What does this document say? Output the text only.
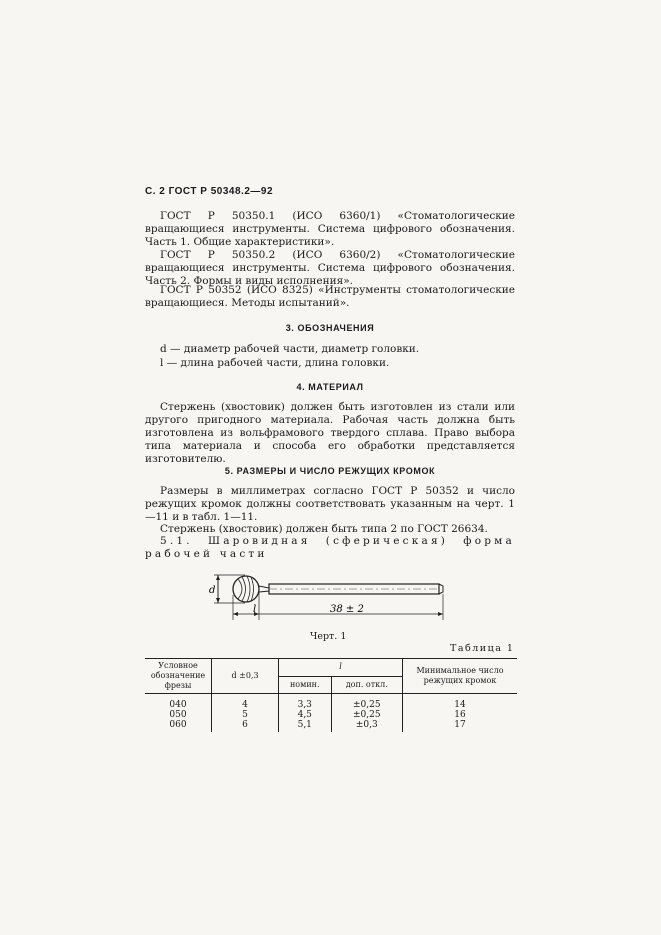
С. 2 ГОСТ Р 50348.2—92

ГОСТ Р 50350.1 (ИСО 6360/1) «Стоматологические вращающиеся инструменты. Система цифрового обозначения. Часть 1. Общие характеристики».

ГОСТ Р 50350.2 (ИСО 6360/2) «Стоматологические вращающиеся инструменты. Система цифрового обозначения. Часть 2. Формы и виды исполнения».

ГОСТ Р 50352 (ИСО 8325) «Инструменты стоматологические вращающиеся. Методы испытаний».

3. ОБОЗНАЧЕНИЯ
d — диаметр рабочей части, диаметр головки.
l — длина рабочей части, длина головки.
4. МАТЕРИАЛ

Стержень (хвостовик) должен быть изготовлен из стали или другого пригодного материала. Рабочая часть должна быть изготовлена из вольфрамового твердого сплава. Право выбора типа материала и способа его обработки представляется изготовителю.

5. РАЗМЕРЫ И ЧИСЛО РЕЖУЩИХ КРОМОК

Размеры в миллиметрах согласно ГОСТ Р 50352 и число режущих кромок должны соответствовать указанным на черт. 1—11 и в табл. 1—11.

Стержень (хвостовик) должен быть типа 2 по ГОСТ 26634.

5.1. Шаровидная (сферическая) форма рабочей части

d
l	38 ± 2
Черт. 1
Таблица 1
Условное обозначение фрезы	d ±0,3	l		Минимальное число режущих кромок
		номин.	доп. откл.	
040	4	3,3	±0,25	14
050	5	4,5	±0,25	16
060	6	5,1	±0,3	17
